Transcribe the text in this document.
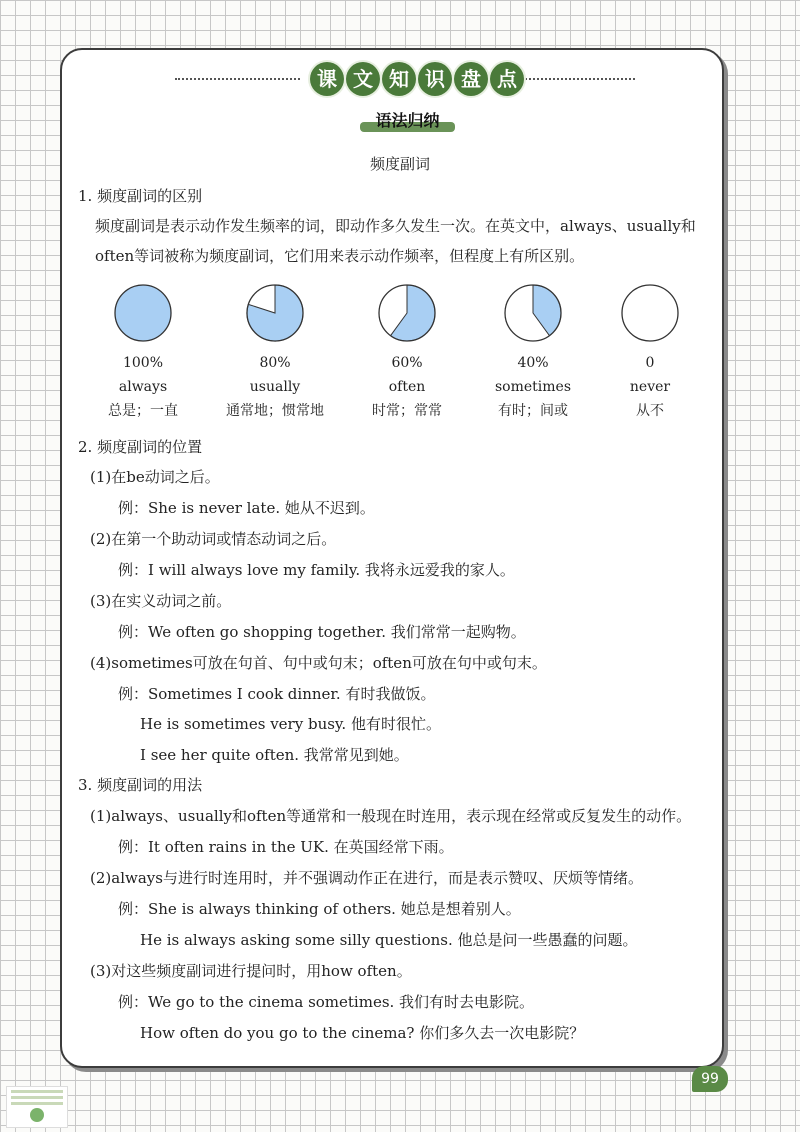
课 文 知 识 盘 点
语法归纳
频度副词
1. 频度副词的区别
频度副词是表示动作发生频率的词，即动作多久发生一次。在英文中，always、usually和
often等词被称为频度副词，它们用来表示动作频率，但程度上有所区别。
100%
always
总是；一直
80%
usually
通常地；惯常地
60%
often
时常；常常
40%
sometimes
有时；间或
0
never
从不
2. 频度副词的位置
(1)在be动词之后。
例：She is never late. 她从不迟到。
(2)在第一个助动词或情态动词之后。
例：I will always love my family. 我将永远爱我的家人。
(3)在实义动词之前。
例：We often go shopping together. 我们常常一起购物。
(4)sometimes可放在句首、句中或句末；often可放在句中或句末。
例：Sometimes I cook dinner. 有时我做饭。
He is sometimes very busy. 他有时很忙。
I see her quite often. 我常常见到她。
3. 频度副词的用法
(1)always、usually和often等通常和一般现在时连用，表示现在经常或反复发生的动作。
例：It often rains in the UK. 在英国经常下雨。
(2)always与进行时连用时，并不强调动作正在进行，而是表示赞叹、厌烦等情绪。
例：She is always thinking of others. 她总是想着别人。
He is always asking some silly questions. 他总是问一些愚蠢的问题。
(3)对这些频度副词进行提问时，用how often。
例：We go to the cinema sometimes. 我们有时去电影院。
How often do you go to the cinema? 你们多久去一次电影院？
99
